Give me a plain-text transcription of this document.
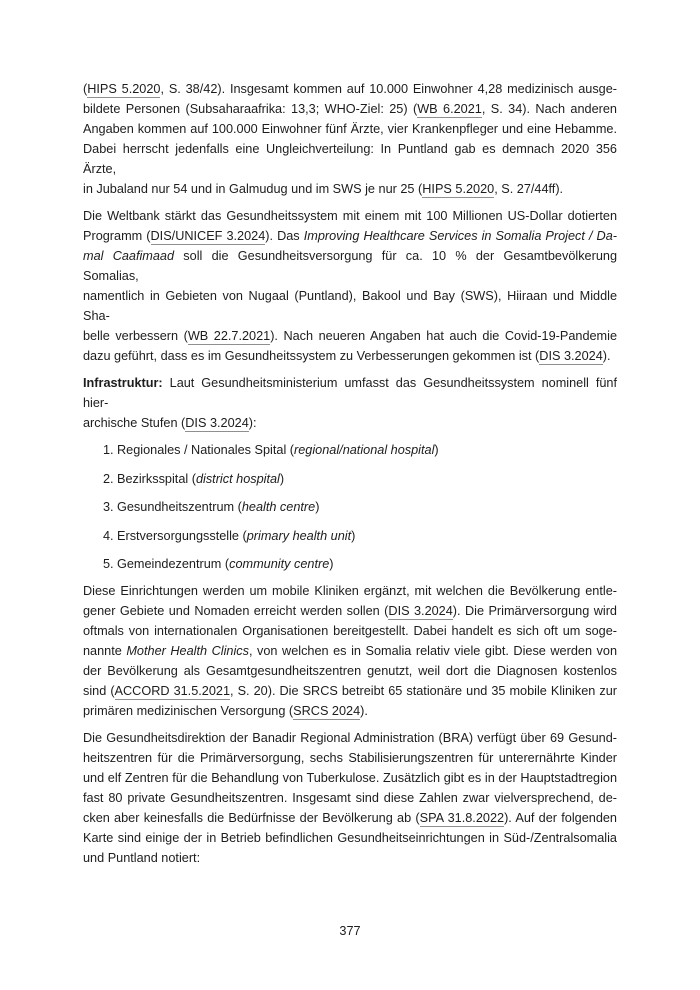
(HIPS 5.2020, S. 38/42). Insgesamt kommen auf 10.000 Einwohner 4,28 medizinisch ausge-
bildete Personen (Subsaharaafrika: 13,3; WHO-Ziel: 25) (WB 6.2021, S. 34). Nach anderen
Angaben kommen auf 100.000 Einwohner fünf Ärzte, vier Krankenpfleger und eine Hebamme.
Dabei herrscht jedenfalls eine Ungleichverteilung: In Puntland gab es demnach 2020 356 Ärzte,
in Jubaland nur 54 und in Galmudug und im SWS je nur 25 (HIPS 5.2020, S. 27/44ff).
Die Weltbank stärkt das Gesundheitssystem mit einem mit 100 Millionen US-Dollar dotierten
Programm (DIS/UNICEF 3.2024). Das Improving Healthcare Services in Somalia Project / Da-
mal Caafimaad soll die Gesundheitsversorgung für ca. 10 % der Gesamtbevölkerung Somalias,
namentlich in Gebieten von Nugaal (Puntland), Bakool und Bay (SWS), Hiiraan und Middle Sha-
belle verbessern (WB 22.7.2021). Nach neueren Angaben hat auch die Covid-19-Pandemie
dazu geführt, dass es im Gesundheitssystem zu Verbesserungen gekommen ist (DIS 3.2024).
Infrastruktur: Laut Gesundheitsministerium umfasst das Gesundheitssystem nominell fünf hier-
archische Stufen (DIS 3.2024):
1. Regionales / Nationales Spital (regional/national hospital)
2. Bezirksspital (district hospital)
3. Gesundheitszentrum (health centre)
4. Erstversorgungsstelle (primary health unit)
5. Gemeindezentrum (community centre)
Diese Einrichtungen werden um mobile Kliniken ergänzt, mit welchen die Bevölkerung entle-
gener Gebiete und Nomaden erreicht werden sollen (DIS 3.2024). Die Primärversorgung wird
oftmals von internationalen Organisationen bereitgestellt. Dabei handelt es sich oft um soge-
nannte Mother Health Clinics, von welchen es in Somalia relativ viele gibt. Diese werden von
der Bevölkerung als Gesamtgesundheitszentren genutzt, weil dort die Diagnosen kostenlos
sind (ACCORD 31.5.2021, S. 20). Die SRCS betreibt 65 stationäre und 35 mobile Kliniken zur
primären medizinischen Versorgung (SRCS 2024).
Die Gesundheitsdirektion der Banadir Regional Administration (BRA) verfügt über 69 Gesund-
heitszentren für die Primärversorgung, sechs Stabilisierungszentren für unterernährte Kinder
und elf Zentren für die Behandlung von Tuberkulose. Zusätzlich gibt es in der Hauptstadtregion
fast 80 private Gesundheitszentren. Insgesamt sind diese Zahlen zwar vielversprechend, de-
cken aber keinesfalls die Bedürfnisse der Bevölkerung ab (SPA 31.8.2022). Auf der folgenden
Karte sind einige der in Betrieb befindlichen Gesundheitseinrichtungen in Süd-/Zentralsomalia
und Puntland notiert:
377
